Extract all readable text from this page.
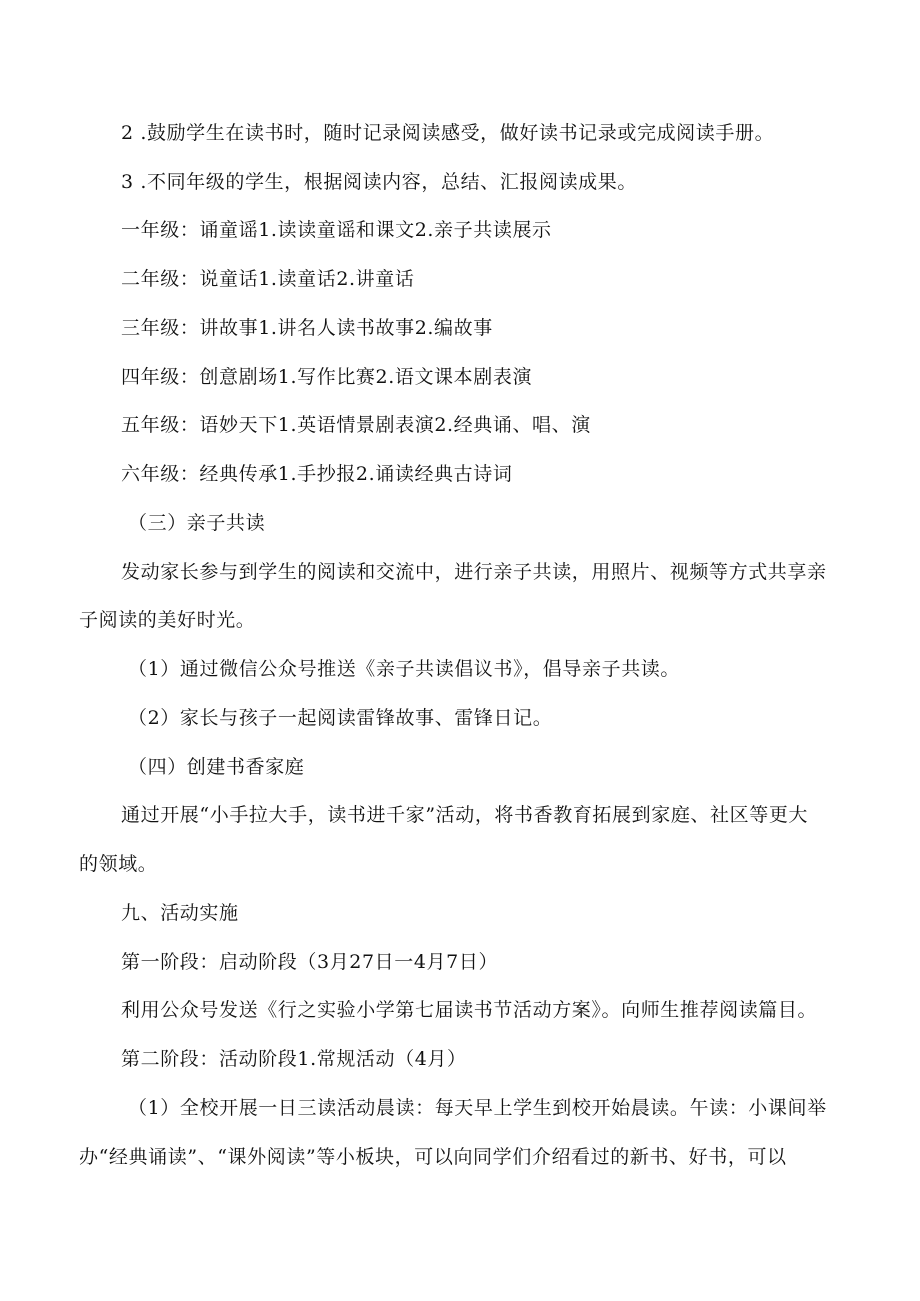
2 .鼓励学生在读书时，随时记录阅读感受，做好读书记录或完成阅读手册。
3 .不同年级的学生，根据阅读内容，总结、汇报阅读成果。
一年级：诵童谣1.读读童谣和课文2.亲子共读展示
二年级：说童话1.读童话2.讲童话
三年级：讲故事1.讲名人读书故事2.编故事
四年级：创意剧场1.写作比赛2.语文课本剧表演
五年级：语妙天下1.英语情景剧表演2.经典诵、唱、演
六年级：经典传承1.手抄报2.诵读经典古诗词
（三）亲子共读
发动家长参与到学生的阅读和交流中，进行亲子共读，用照片、视频等方式共享亲
子阅读的美好时光。
（1）通过微信公众号推送《亲子共读倡议书》，倡导亲子共读。
（2）家长与孩子一起阅读雷锋故事、雷锋日记。
（四）创建书香家庭
通过开展“小手拉大手，读书进千家”活动，将书香教育拓展到家庭、社区等更大
的领域。
九、活动实施
第一阶段：启动阶段（3月27日一4月7日）
利用公众号发送《行之实验小学第七届读书节活动方案》。向师生推荐阅读篇目。
第二阶段：活动阶段1.常规活动（4月）
（1）全校开展一日三读活动晨读：每天早上学生到校开始晨读。午读：小课间举
办“经典诵读”、“课外阅读”等小板块，可以向同学们介绍看过的新书、好书，可以
